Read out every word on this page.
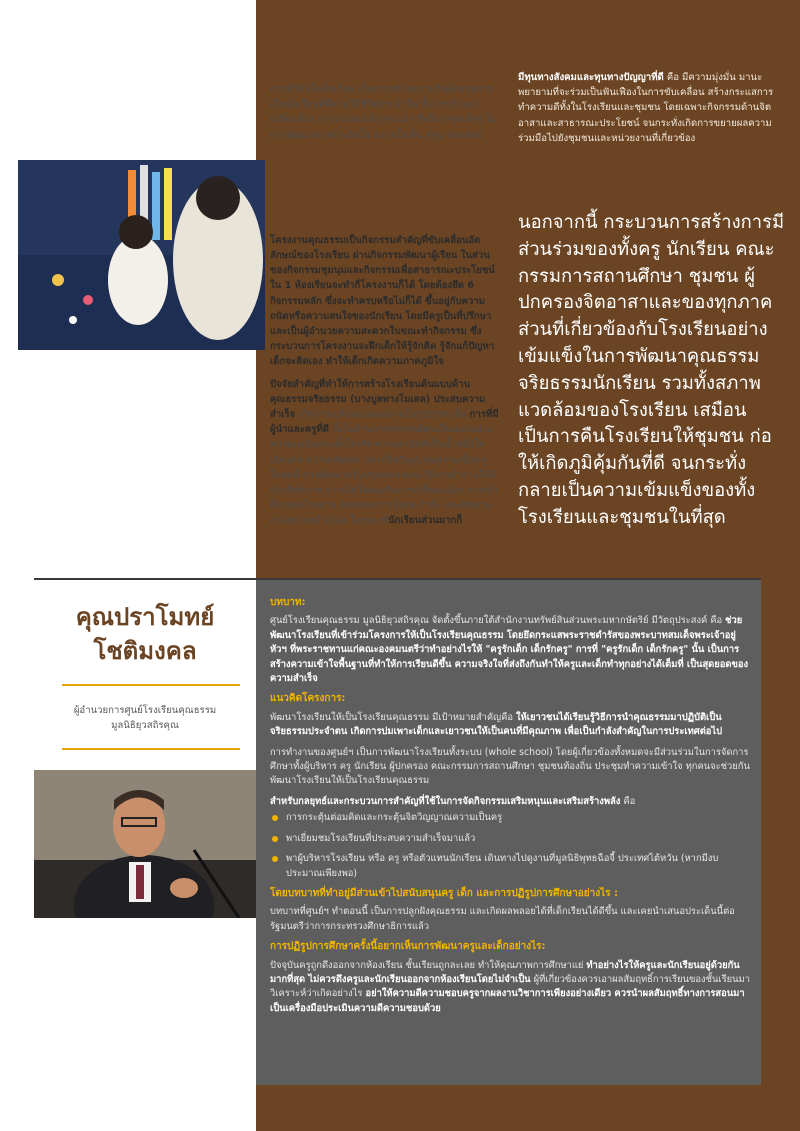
การมีวินัยในชั้นเรียน เป็นการสร้างความรับผิดชอบการเป็นนักเรียนที่ดีผ่านวิถีชีวิตประจำวัน ทั้งการเข้าแถวเปลี่ยนห้อง การวางรองเท้า/กระเป๋า ซึ่งถือว่าจุดเล็กๆ ในการพัฒนาทางด้านจิตใจ ความใจเย็น สุขุม รอบคอบ

โครงงานคุณธรรมเป็นกิจกรรมสำคัญที่ขับเคลื่อนอัตลักษณ์ของโรงเรียน ผ่านกิจกรรมพัฒนาผู้เรียน ในส่วนของกิจกรรมชุมนุมและกิจกรรมเพื่อสาธารณะประโยชน์ ใน 1 ห้องเรียนจะทำกี่โครงงานก็ได้ โดยต้องยึด 6 กิจกรรมหลัก ซึ่งจะทำครบหรือไม่ก็ได้ ขึ้นอยู่กับความถนัดหรือความสนใจของนักเรียน โดยมีครูเป็นที่ปรึกษาและเป็นผู้อำนวยความสะดวกในขณะทำกิจกรรม ซึ่งกระบวนการโครงงานจะฝึกเด็กให้รู้จักคิด รู้จักแก้ปัญหา เด็กจะคิดเอง ทำให้เด็กเกิดความภาคภูมิใจ

ปัจจัยสำคัญที่ทำให้การสร้างโรงเรียนต้นแบบด้านคุณธรรมจริยธรรม (บางบูลทางโมเดล) ประสบความสำเร็จ เกิดการเปลี่ยนแปลงอย่างเป็นรูปธรรม คือ การที่มีผู้นำและครูที่ดี ทั้งในด้านการประพฤติตนเป็นแบบอย่าง ความมุ่งมั่นและตั้งใจจริง ความสามัคคีเป็นน้ำหนึ่งใจเดียวกัน ความเสียสละ และมีจิตวิญญาณความเป็นครูโดยแท้ การพัฒนาปรับปรุงตนเองและวิธีการทำงานให้มีประสิทธิภาพ การเปิดใจยอมรับการเปลี่ยนแปลง การเข้าถึงกลุ่มเป้าหมาย ตลอดจนการนิเทศ กำกับ และติดตามงานอย่างสม่ำเสมอ ในขณะที่นักเรียนส่วนมากก็

มีทุนทางสังคมและทุนทางปัญญาที่ดี คือ มีความมุ่งมั่น มานะพยายามที่จะร่วมเป็นฟันเฟืองในการขับเคลื่อน สร้างกระแสการทำความดีทั้งในโรงเรียนและชุมชน โดยเฉพาะกิจกรรมด้านจิตอาสาและสาธารณะประโยชน์ จนกระทั่งเกิดการขยายผลความร่วมมือไปยังชุมชนและหน่วยงานที่เกี่ยวข้อง
นอกจากนี้ กระบวนการสร้างการมีส่วนร่วมของทั้งครู นักเรียน คณะกรรมการสถานศึกษา ชุมชน ผู้ปกครองจิตอาสาและของทุกภาคส่วนที่เกี่ยวข้องกับโรงเรียนอย่างเข้มแข็งในการพัฒนาคุณธรรมจริยธรรมนักเรียน รวมทั้งสภาพแวดล้อมของโรงเรียน เสมือนเป็นการคืนโรงเรียนให้ชุมชน ก่อให้เกิดภูมิคุ้มกันที่ดี จนกระทั่งกลายเป็นความเข้มแข็งของทั้งโรงเรียนและชุมชนในที่สุด
คุณปราโมทย์
โชติมงคล
ผู้อำนวยการศูนย์โรงเรียนคุณธรรม
มูลนิธิยุวสถิรคุณ
บทบาท:

ศูนย์โรงเรียนคุณธรรม มูลนิธิยุวสถิรคุณ จัดตั้งขึ้นภายใต้สำนักงานทรัพย์สินส่วนพระมหากษัตริย์ มีวัตถุประสงค์ คือ ช่วยพัฒนาโรงเรียนที่เข้าร่วมโครงการให้เป็นโรงเรียนคุณธรรม โดยยึดกระแสพระราชดำรัสของพระบาทสมเด็จพระเจ้าอยู่หัวฯ ที่พระราชทานแก่คณะองคมนตรีว่าทำอย่างไรให้ "ครูรักเด็ก เด็กรักครู" การที่ "ครูรักเด็ก เด็กรักครู" นั้น เป็นการสร้างความเข้าใจพื้นฐานที่ทำให้การเรียนดีขึ้น ความจริงใจที่ส่งถึงกันทำให้ครูและเด็กทำทุกอย่างได้เต็มที่ เป็นสุดยอดของความสำเร็จ

แนวคิดโครงการ:

พัฒนาโรงเรียนให้เป็นโรงเรียนคุณธรรม มีเป้าหมายสำคัญคือ ให้เยาวชนได้เรียนรู้วิธีการนำคุณธรรมมาปฏิบัติเป็นจริยธรรมประจำตน เกิดการบ่มเพาะเด็กและเยาวชนให้เป็นคนที่มีคุณภาพ เพื่อเป็นกำลังสำคัญในการประเทศต่อไป

การทำงานของศูนย์ฯ เป็นการพัฒนาโรงเรียนทั้งระบบ (whole school) โดยผู้เกี่ยวข้องทั้งหมดจะมีส่วนร่วมในการจัดการศึกษาทั้งผู้บริหาร ครู นักเรียน ผู้ปกครอง คณะกรรมการสถานศึกษา ชุมชนท้องถิ่น ประชุมทำความเข้าใจ ทุกคนจะช่วยกันพัฒนาโรงเรียนให้เป็นโรงเรียนคุณธรรม

สำหรับกลยุทธ์และกระบวนการสำคัญที่ใช้ในการจัดกิจกรรมเสริมหนุนและเสริมสร้างพลัง คือ

การกระตุ้นต่อมคิดและกระตุ้นจิตวิญญาณความเป็นครู
พาเยี่ยมชมโรงเรียนที่ประสบความสำเร็จมาแล้ว
พาผู้บริหารโรงเรียน หรือ ครู หรือตัวแทนนักเรียน เดินทางไปดูงานที่มูลนิธิพุทธฉือจี้ ประเทศไต้หวัน (หากมีงบประมาณเพียงพอ)
โดยบทบาทที่ทำอยู่มีส่วนเข้าไปสนับสนุนครู เด็ก และการปฏิรูปการศึกษาอย่างไร :

บทบาทที่ศูนย์ฯ ทำตอนนี้ เป็นการปลูกฝังคุณธรรม และเกิดผลพลอยได้ที่เด็กเรียนได้ดีขึ้น และเคยนำเสนอประเด็นนี้ต่อรัฐมนตรีว่าการกระทรวงศึกษาธิการแล้ว

การปฏิรูปการศึกษาครั้งนี้อยากเห็นการพัฒนาครูและเด็กอย่างไร:

ปัจจุบันครูถูกดึงออกจากห้องเรียน ชั้นเรียนถูกละเลย ทำให้คุณภาพการศึกษาแย่ ทำอย่างไรให้ครูและนักเรียนอยู่ด้วยกันมากที่สุด ไม่ควรดึงครูและนักเรียนออกจากห้องเรียนโดยไม่จำเป็น ผู้ที่เกี่ยวข้องควรเอาผลสัมฤทธิ์การเรียนของชั้นเรียนมาวิเคราะห์ว่าเกิดอย่างไร อย่าให้ความดีความชอบครูจากผลงานวิชาการเพียงอย่างเดียว ควรนำผลสัมฤทธิ์ทางการสอนมาเป็นเครื่องมือประเมินความดีความชอบด้วย
